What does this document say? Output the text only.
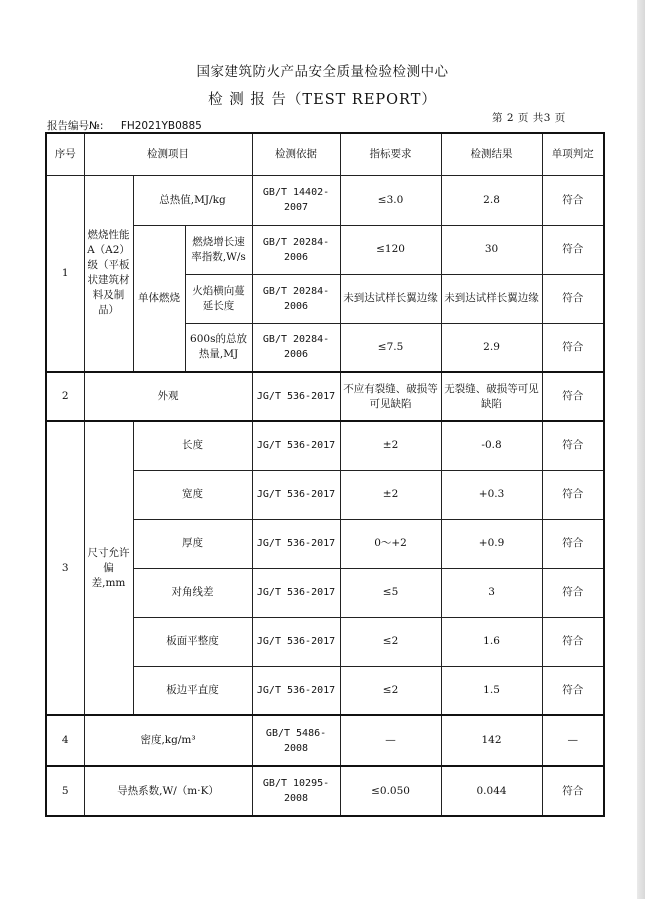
国家建筑防火产品安全质量检验检测中心
检 测 报 告（TEST REPORT）
第 2 页 共3 页
报告编号№: FH2021YB0885
序号	检测项目			检测依据	指标要求	检测结果	单项判定
1	燃烧性能A（A2）级（平板状建筑材料及制品）	总热值,MJ/kg		GB/T 14402-2007	≤3.0	2.8	符合
		单体燃烧	燃烧增长速率指数,W/s	GB/T 20284-2006	≤120	30	符合
			火焰横向蔓延长度	GB/T 20284-2006	未到达试样长翼边缘	未到达试样长翼边缘	符合
			600s的总放热量,MJ	GB/T 20284-2006	≤7.5	2.9	符合
2	外观			JG/T 536-2017	不应有裂缝、破损等可见缺陷	无裂缝、破损等可见缺陷	符合
3	尺寸允许偏差,mm	长度		JG/T 536-2017	±2	-0.8	符合
		宽度		JG/T 536-2017	±2	+0.3	符合
		厚度		JG/T 536-2017	0～+2	+0.9	符合
		对角线差		JG/T 536-2017	≤5	3	符合
		板面平整度		JG/T 536-2017	≤2	1.6	符合
		板边平直度		JG/T 536-2017	≤2	1.5	符合
4	密度,kg/m³			GB/T 5486-2008	—	142	—
5	导热系数,W/（m·K）			GB/T 10295-2008	≤0.050	0.044	符合
